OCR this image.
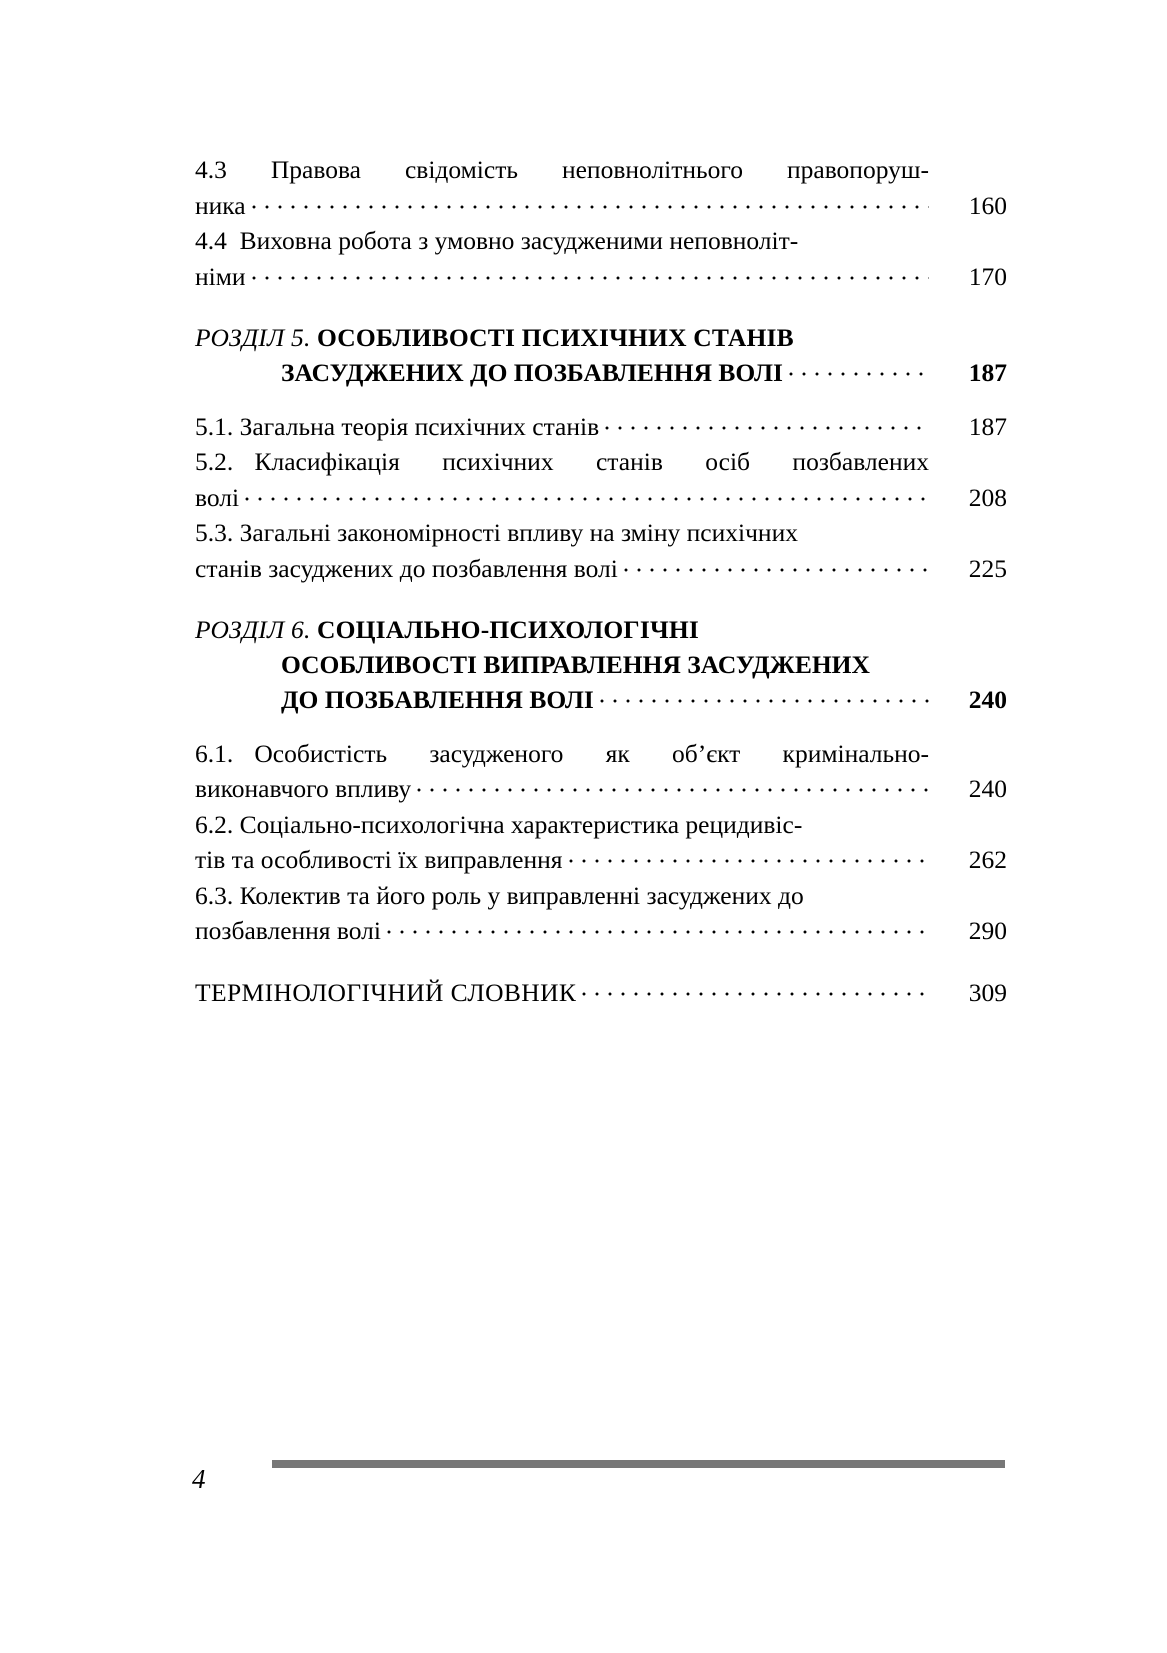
4.3  Правова  свідомість  неповнолітнього  правопоруш-
ника	160
4.4  Виховна робота з умовно засудженими неповноліт-
німи	170
РОЗДІЛ 5. ОСОБЛИВОСТІ ПСИХІЧНИХ СТАНІВ
ЗАСУДЖЕНИХ ДО ПОЗБАВЛЕННЯ ВОЛІ	187
5.1. Загальна теорія психічних станів	187
5.2. Класифікація  психічних  станів  осіб  позбавлених
волі	208
5.3. Загальні закономірності впливу на зміну психічних
станів засуджених до позбавлення волі	225
РОЗДІЛ 6. СОЦІАЛЬНО-ПСИХОЛОГІЧНІ
ОСОБЛИВОСТІ ВИПРАВЛЕННЯ ЗАСУДЖЕНИХ
ДО ПОЗБАВЛЕННЯ ВОЛІ	240
6.1. Особистість  засудженого  як  об’єкт  кримінально-
виконавчого впливу	240
6.2. Соціально-психологічна характеристика рецидивіс-
тів та особливості їх виправлення	262
6.3. Колектив та його роль у виправленні засуджених до
позбавлення волі	290
ТЕРМІНОЛОГІЧНИЙ СЛОВНИК	309
4
